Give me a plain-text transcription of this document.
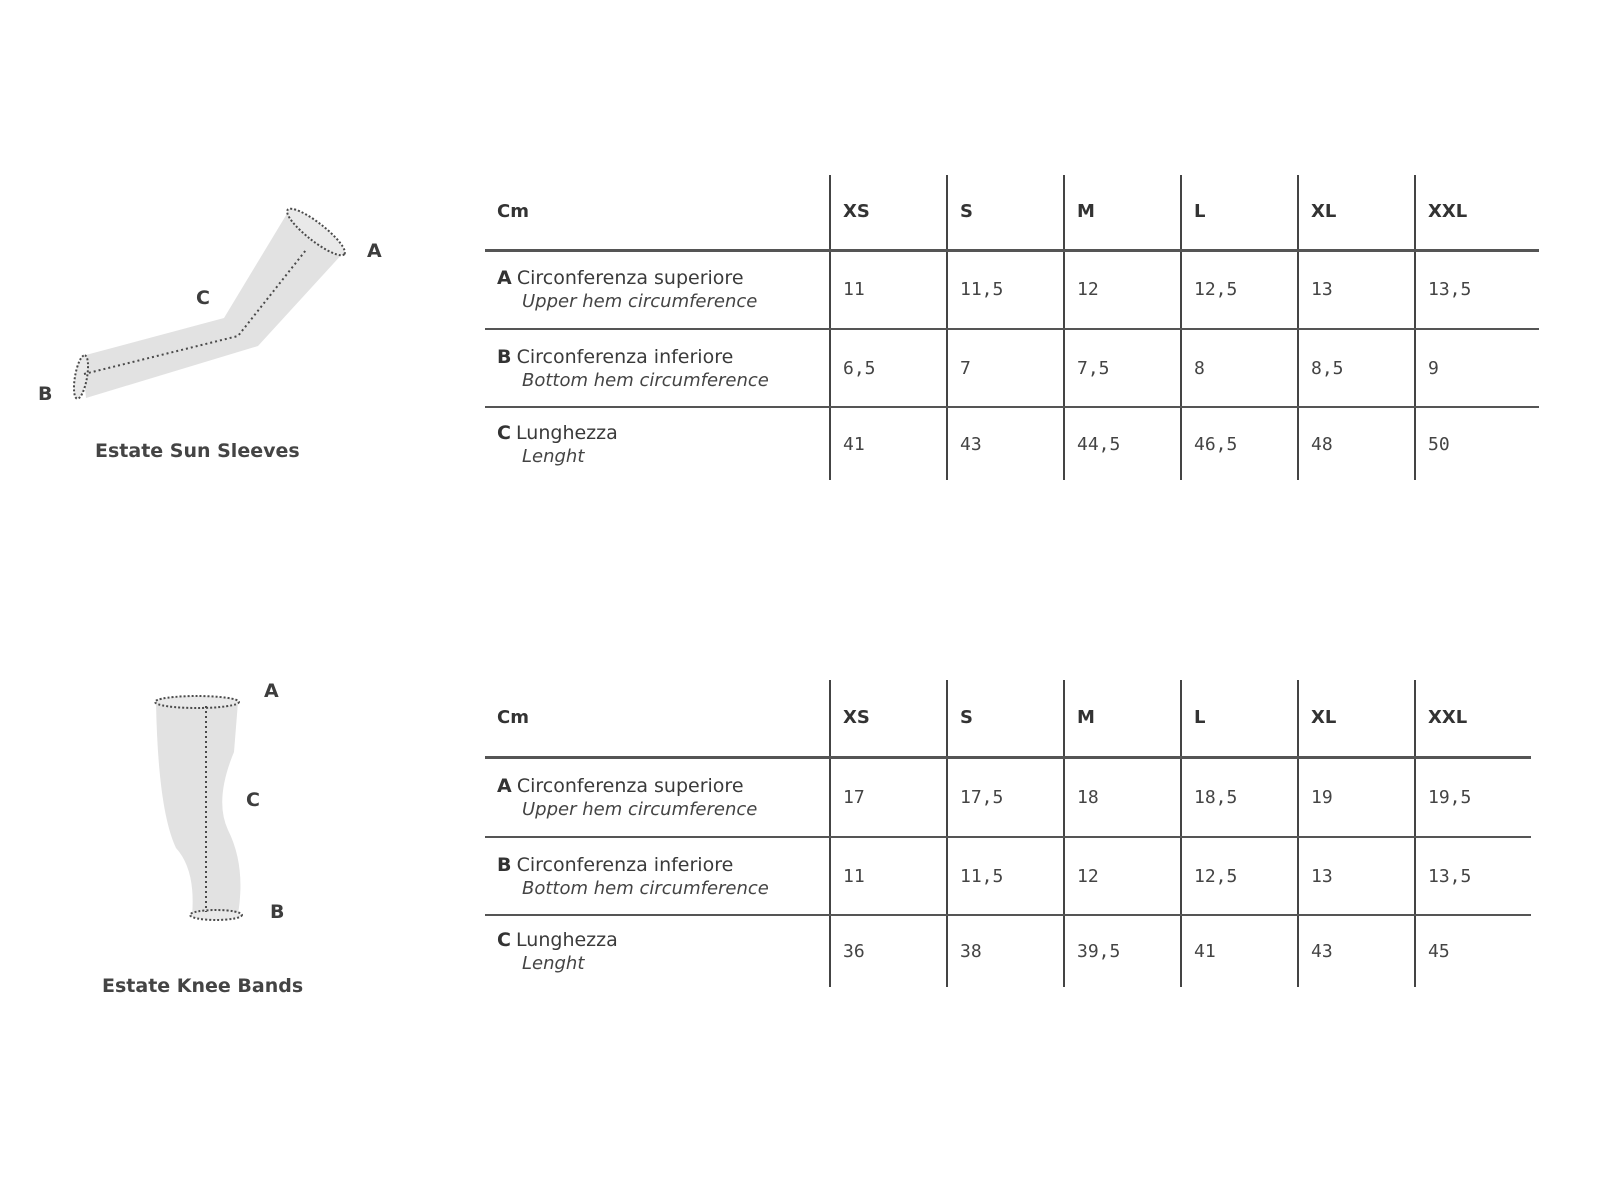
A
C
B
Estate Sun Sleeves
Cm	XS	S	M	L	XL	XXL
A Circonferenza superiore
Upper hem circumference	11	11,5	12	12,5	13	13,5
B Circonferenza inferiore
Bottom hem circumference	6,5	7	7,5	8	8,5	9
C Lunghezza
Lenght	41	43	44,5	46,5	48	50
A
C
B
Estate Knee Bands
Cm	XS	S	M	L	XL	XXL
A Circonferenza superiore
Upper hem circumference	17	17,5	18	18,5	19	19,5
B Circonferenza inferiore
Bottom hem circumference	11	11,5	12	12,5	13	13,5
C Lunghezza
Lenght	36	38	39,5	41	43	45
